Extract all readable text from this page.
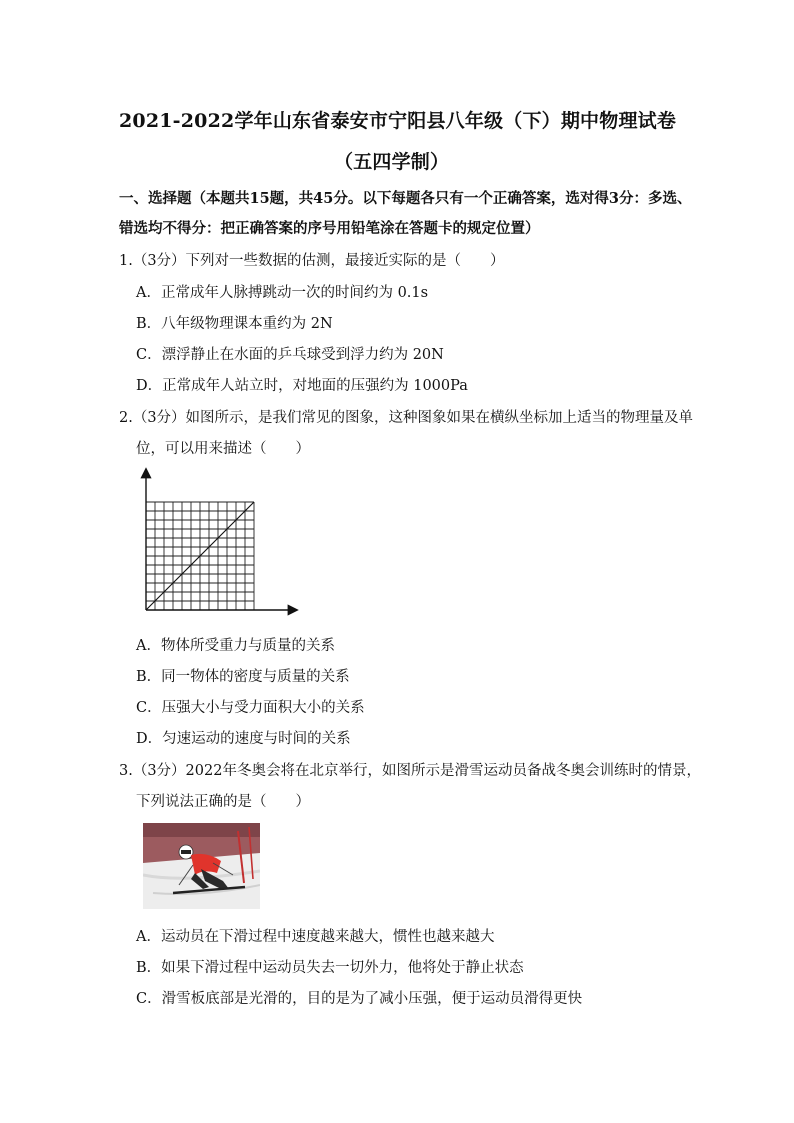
2021-2022学年山东省泰安市宁阳县八年级（下）期中物理试卷
（五四学制）
一、选择题（本题共15题，共45分。以下每题各只有一个正确答案，选对得3分：多选、
错选均不得分：把正确答案的序号用铅笔涂在答题卡的规定位置）
1.（3分）下列对一些数据的估测，最接近实际的是（　　）
A．正常成年人脉搏跳动一次的时间约为 0.1s
B．八年级物理课本重约为 2N
C．漂浮静止在水面的乒乓球受到浮力约为 20N
D．正常成年人站立时，对地面的压强约为 1000Pa
2.（3分）如图所示，是我们常见的图象，这种图象如果在横纵坐标加上适当的物理量及单
位，可以用来描述（　　）
A．物体所受重力与质量的关系
B．同一物体的密度与质量的关系
C．压强大小与受力面积大小的关系
D．匀速运动的速度与时间的关系
3.（3分）2022年冬奥会将在北京举行，如图所示是滑雪运动员备战冬奥会训练时的情景，
下列说法正确的是（　　）
A．运动员在下滑过程中速度越来越大，惯性也越来越大
B．如果下滑过程中运动员失去一切外力，他将处于静止状态
C．滑雪板底部是光滑的，目的是为了减小压强，便于运动员滑得更快
